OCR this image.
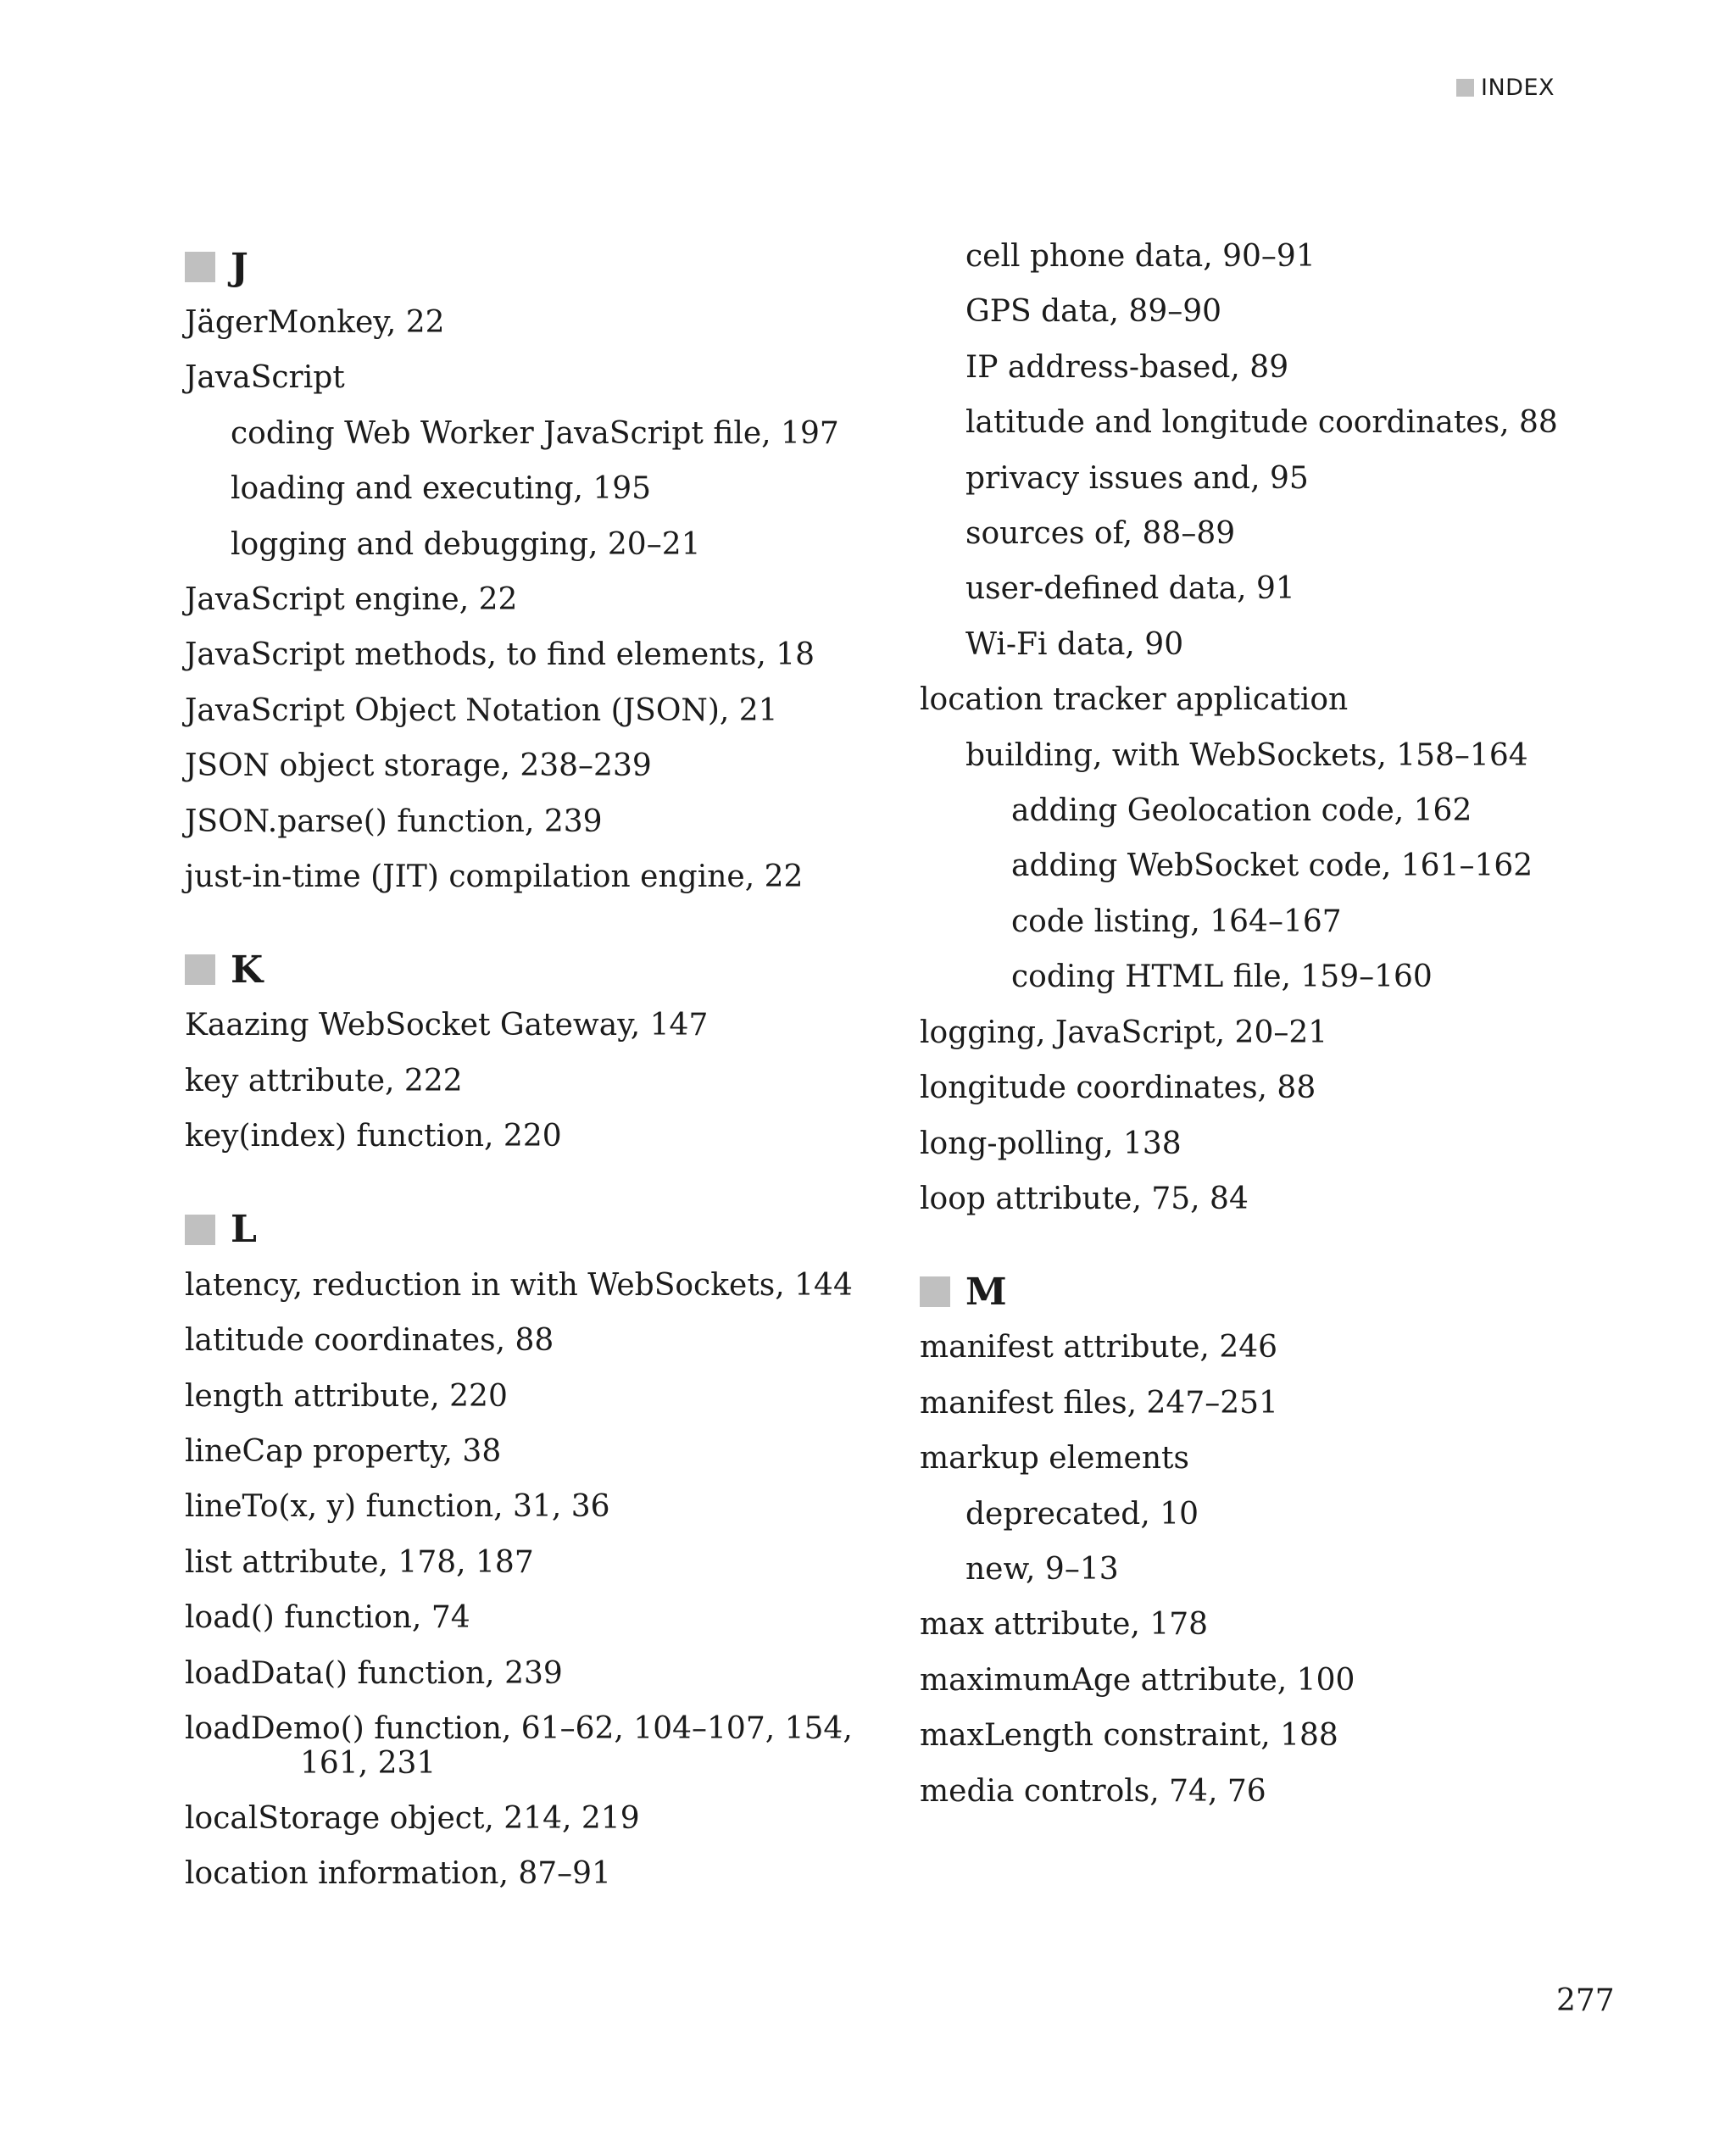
INDEX
J
JägerMonkey, 22
JavaScript
coding Web Worker JavaScript file, 197
loading and executing, 195
logging and debugging, 20–21
JavaScript engine, 22
JavaScript methods, to find elements, 18
JavaScript Object Notation (JSON), 21
JSON object storage, 238–239
JSON.parse() function, 239
just-in-time (JIT) compilation engine, 22
K
Kaazing WebSocket Gateway, 147
key attribute, 222
key(index) function, 220
L
latency, reduction in with WebSockets, 144
latitude coordinates, 88
length attribute, 220
lineCap property, 38
lineTo(x, y) function, 31, 36
list attribute, 178, 187
load() function, 74
loadData() function, 239
loadDemo() function, 61–62, 104–107, 154,
161, 231
localStorage object, 214, 219
location information, 87–91
cell phone data, 90–91
GPS data, 89–90
IP address-based, 89
latitude and longitude coordinates, 88
privacy issues and, 95
sources of, 88–89
user-defined data, 91
Wi-Fi data, 90
location tracker application
building, with WebSockets, 158–164
adding Geolocation code, 162
adding WebSocket code, 161–162
code listing, 164–167
coding HTML file, 159–160
logging, JavaScript, 20–21
longitude coordinates, 88
long-polling, 138
loop attribute, 75, 84
M
manifest attribute, 246
manifest files, 247–251
markup elements
deprecated, 10
new, 9–13
max attribute, 178
maximumAge attribute, 100
maxLength constraint, 188
media controls, 74, 76
277
